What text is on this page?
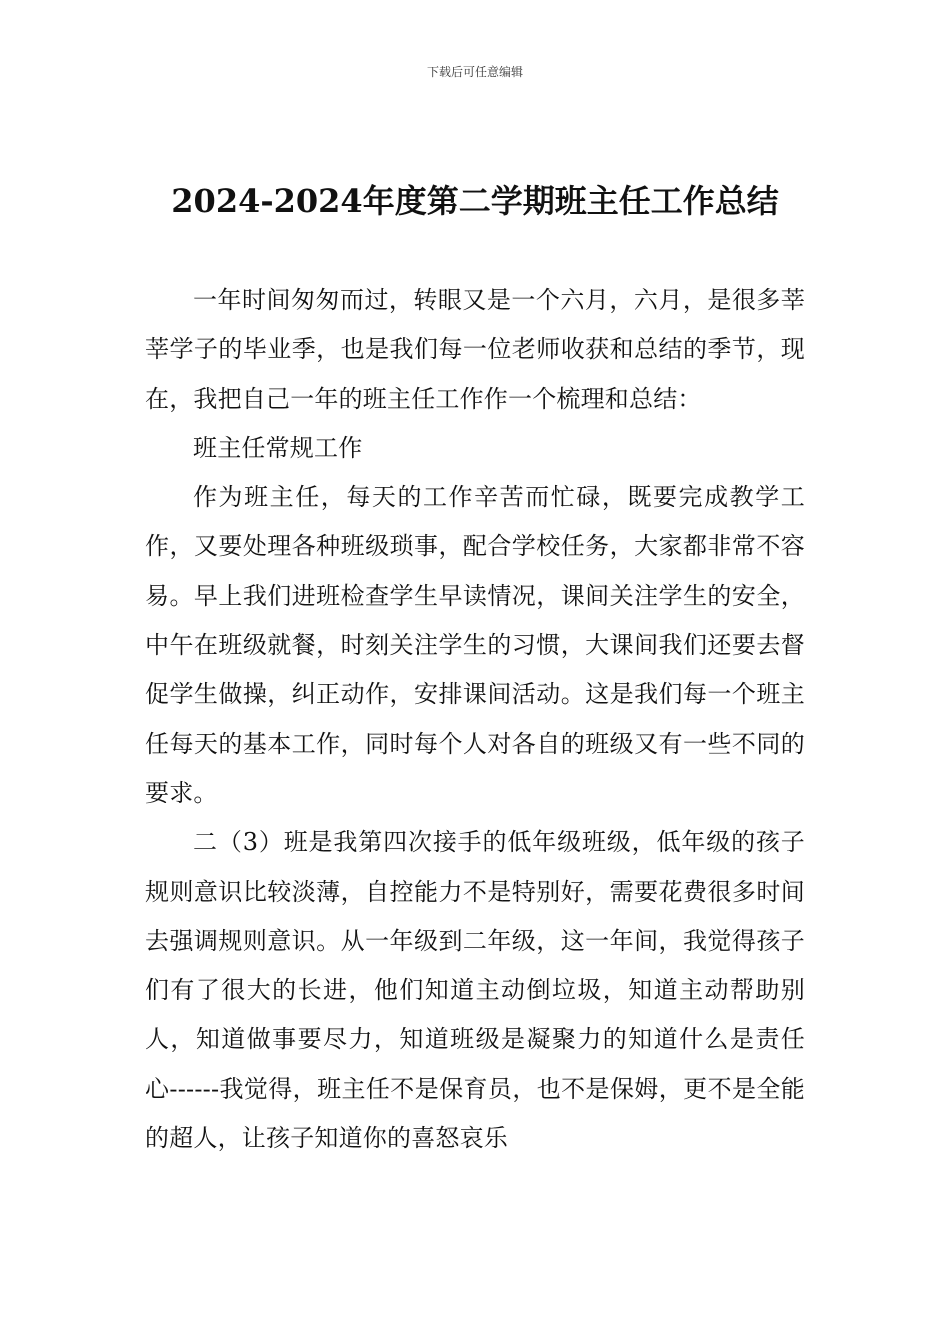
下载后可任意编辑
2024-2024年度第二学期班主任工作总结

一年时间匆匆而过，转眼又是一个六月，六月，是很多莘莘学子的毕业季，也是我们每一位老师收获和总结的季节，现在，我把自己一年的班主任工作作一个梳理和总结：

班主任常规工作

作为班主任，每天的工作辛苦而忙碌，既要完成教学工作，又要处理各种班级琐事，配合学校任务，大家都非常不容易。早上我们进班检查学生早读情况，课间关注学生的安全，中午在班级就餐，时刻关注学生的习惯，大课间我们还要去督促学生做操，纠正动作，安排课间活动。这是我们每一个班主任每天的基本工作，同时每个人对各自的班级又有一些不同的要求。

二（3）班是我第四次接手的低年级班级，低年级的孩子规则意识比较淡薄，自控能力不是特别好，需要花费很多时间去强调规则意识。从一年级到二年级，这一年间，我觉得孩子们有了很大的长进，他们知道主动倒垃圾，知道主动帮助别人，知道做事要尽力，知道班级是凝聚力的知道什么是责任心------我觉得，班主任不是保育员，也不是保姆，更不是全能的超人，让孩子知道你的喜怒哀乐
